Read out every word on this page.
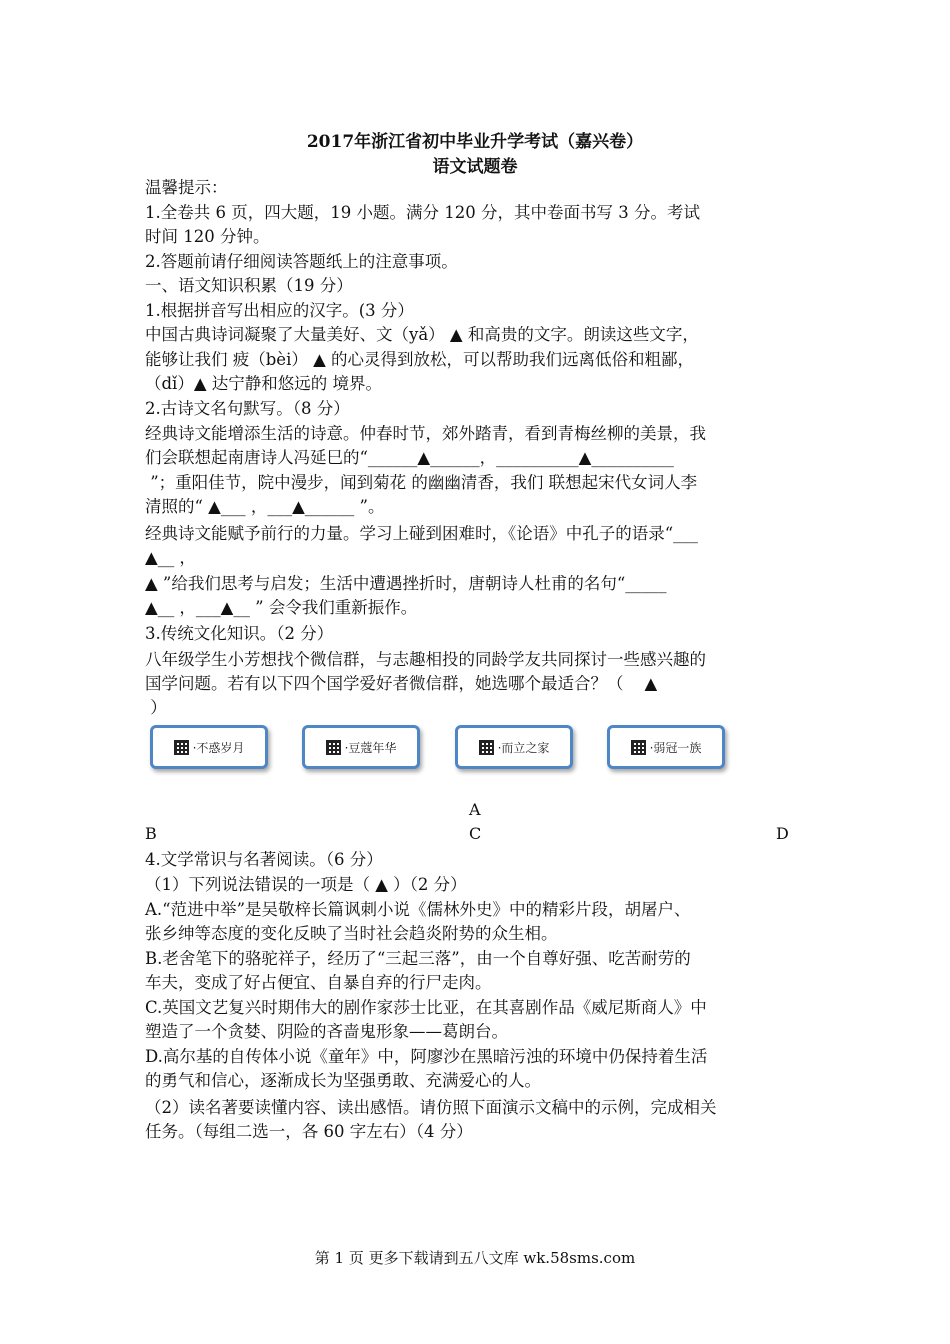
2017年浙江省初中毕业升学考试（嘉兴卷）
语文试题卷
温馨提示：
1.全卷共 6 页，四大题，19 小题。满分 120 分，其中卷面书写 3 分。考试
时间 120 分钟。
2.答题前请仔细阅读答题纸上的注意事项。
一、语文知识积累（19 分）
1.根据拼音写出相应的汉字。(3 分）
中国古典诗词凝聚了大量美好、文（yǎ） ▲ 和高贵的文字。朗读这些文字，
能够让我们 疲（bèi） ▲ 的心灵得到放松，可以帮助我们远离低俗和粗鄙，
（dǐ）▲ 达宁静和悠远的 境界。
2.古诗文名句默写。（8 分）
经典诗文能增添生活的诗意。仲春时节，郊外踏青，看到青梅丝柳的美景，我
们会联想起南唐诗人冯延巳的“______▲______，__________▲__________
”；重阳佳节，院中漫步，闻到菊花 的幽幽清香，我们 联想起宋代女词人李
清照的“ ▲___ ，___▲______ ”。
经典诗文能赋予前行的力量。学习上碰到困难时，《论语》中孔子的语录“___
▲__ ，
▲ ”给我们思考与启发；生活中遭遇挫折时，唐朝诗人杜甫的名句“_____
▲__ ，___▲__ ” 会令我们重新振作。
3.传统文化知识。（2 分）
八年级学生小芳想找个微信群，与志趣相投的同龄学友共同探讨一些感兴趣的
国学问题。若有以下四个国学爱好者微信群，她选哪个最适合？（    ▲
）
·不惑岁月	·豆蔻年华	·而立之家	·弱冠一族
A
B	C	D
4.文学常识与名著阅读。（6 分）
（1）下列说法错误的一项是（ ▲ ）（2 分）
A.“范进中举”是吴敬梓长篇讽刺小说《儒林外史》中的精彩片段，胡屠户、
张乡绅等态度的变化反映了当时社会趋炎附势的众生相。
B.老舍笔下的骆驼祥子，经历了“三起三落”，由一个自尊好强、吃苦耐劳的
车夫，变成了好占便宜、自暴自弃的行尸走肉。
C.英国文艺复兴时期伟大的剧作家莎士比亚，在其喜剧作品《威尼斯商人》中
塑造了一个贪婪、阴险的吝啬鬼形象——葛朗台。
D.高尔基的自传体小说《童年》中，阿廖沙在黑暗污浊的环境中仍保持着生活
的勇气和信心，逐渐成长为坚强勇敢、充满爱心的人。
（2）读名著要读懂内容、读出感悟。请仿照下面演示文稿中的示例，完成相关
任务。（每组二选一，各 60 字左右）（4 分）
第 1 页 更多下载请到五八文库 wk.58sms.com
